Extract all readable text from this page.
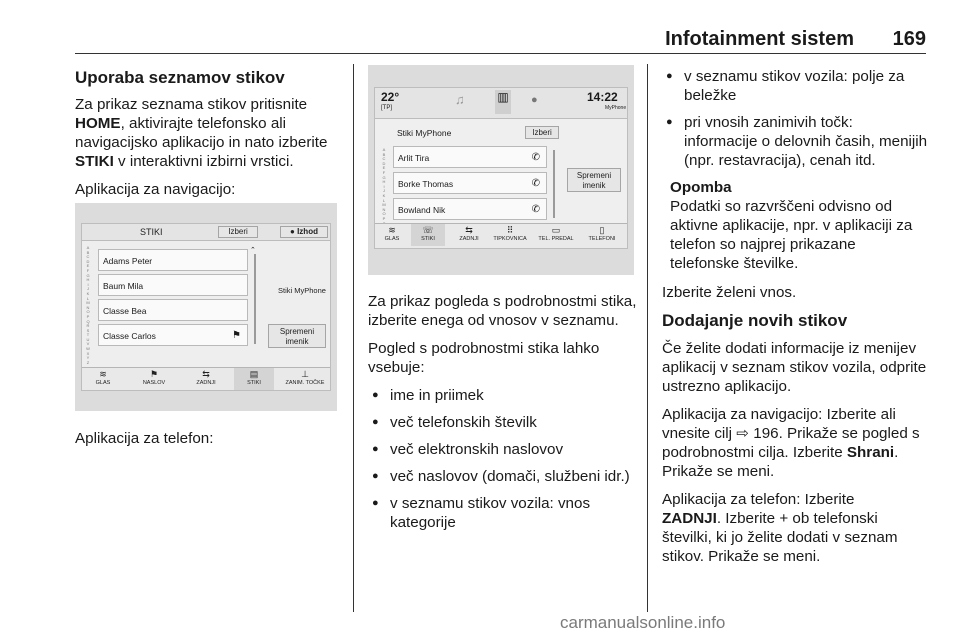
Infotainment sistem 169
Uporaba seznamov stikov

Za prikaz seznama stikov pritisnite
HOME, aktivirajte telefonsko ali
navigacijsko aplikacijo in nato izberite
STIKI v interaktivni izbirni vrstici.

Aplikacija za navigacijo:

STIKI	Izberi	● Izhod
A
B
C
D
E
F
G
H
I
J
K
L
M
N
O
P
Q
R
S
T
U
V
W
X
Y
Z
Adams Peter
Baum Mila
Classe Bea
Classe Carlos	⚑
⌃
Stiki MyPhone
Spremeni
imenik
≋
GLAS
⚑
NASLOV
⇆
ZADNJI
▤
STIKI
⊥
ZANIM. TOČKE

Aplikacija za telefon:

22°
[TP]
♫	▥ ●	14:22
MyPhone
Stiki MyPhone	Izberi
A
B
C
D
E
F
G
H
I
J
K
L
M
N
O
P

Arlit Tira	✆
Borke Thomas	✆
Bowland Nik	✆
Spremeni
imenik
≋
GLAS
☏
STIKI
⇆
ZADNJI
⠿
TIPKOVNICA
▭
TEL. PREDAL
▯
TELEFONI

Za prikaz pogleda s podrobnostmi stika, izberite enega od vnosov v seznamu.

Pogled s podrobnostmi stika lahko vsebuje:

● ime in priimek
● več telefonskih številk
● več elektronskih naslovov
● več naslovov (domači, službeni idr.)
● v seznamu stikov vozila: vnos kategorije
● v seznamu stikov vozila: polje za beležke
● pri vnosih zanimivih točk: informacije o delovnih časih, menijih (npr. restavracija), cenah itd.

Opomba

Podatki so razvrščeni odvisno od aktivne aplikacije, npr. v aplikaciji za telefon so najprej prikazane telefonske številke.

Izberite želeni vnos.

Dodajanje novih stikov

Če želite dodati informacije iz menijev aplikacij v seznam stikov vozila, odprite ustrezno aplikacijo.

Aplikacija za navigacijo: Izberite ali vnesite cilj ⇨ 196. Prikaže se pogled s podrobnostmi cilja. Izberite Shrani. Prikaže se meni.

Aplikacija za telefon: Izberite
ZADNJI. Izberite + ob telefonski številki, ki jo želite dodati v seznam stikov. Prikaže se meni.

carmanualsonline.info
